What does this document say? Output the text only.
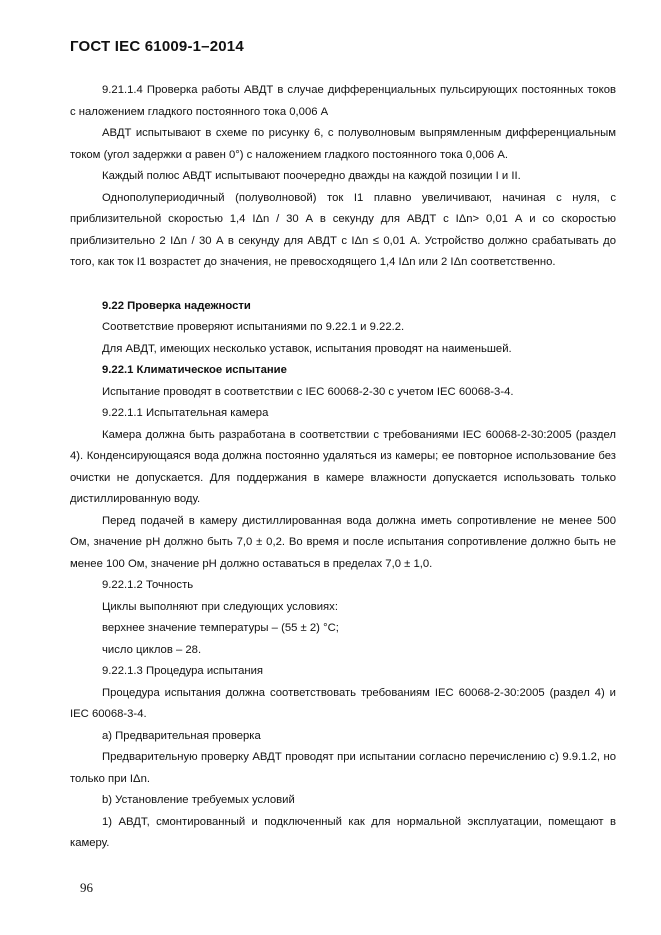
ГОСТ IEC 61009-1–2014

9.21.1.4 Проверка работы АВДТ в случае дифференциальных пульсирующих постоянных токов с наложением гладкого постоянного тока 0,006 А

АВДТ испытывают в схеме по рисунку 6, с полуволновым выпрямленным дифференциальным током (угол задержки α равен 0°) с наложением гладкого постоянного тока 0,006 А.

Каждый полюс АВДТ испытывают поочередно дважды на каждой позиции I и II.

Однополупериодичный (полуволновой) ток I1 плавно увеличивают, начиная с нуля, с приблизительной скоростью 1,4 IΔn / 30 А в секунду для АВДТ с IΔn> 0,01 А и со скоростью приблизительно 2 IΔn / 30 А в секунду для АВДТ с IΔn ≤ 0,01 А. Устройство должно срабатывать до того, как ток I1 возрастет до значения, не превосходящего 1,4 IΔn или 2 IΔn соответственно.

9.22 Проверка надежности

Соответствие проверяют испытаниями по 9.22.1 и 9.22.2.

Для АВДТ, имеющих несколько уставок, испытания проводят на наименьшей.

9.22.1 Климатическое испытание

Испытание проводят в соответствии с IEC 60068-2-30 с учетом IEC 60068-3-4.

9.22.1.1 Испытательная камера

Камера должна быть разработана в соответствии с требованиями IEC 60068-2-30:2005 (раздел 4). Конденсирующаяся вода должна постоянно удаляться из камеры; ее повторное использование без очистки не допускается. Для поддержания в камере влажности допускается использовать только дистиллированную воду.

Перед подачей в камеру дистиллированная вода должна иметь сопротивление не менее 500 Ом, значение pH должно быть 7,0 ± 0,2. Во время и после испытания сопротивление должно быть не менее 100 Ом, значение pH должно оставаться в пределах 7,0 ± 1,0.

9.22.1.2 Точность

Циклы выполняют при следующих условиях:

верхнее значение температуры – (55 ± 2) °C;

число циклов – 28.

9.22.1.3 Процедура испытания

Процедура испытания должна соответствовать требованиям IEC 60068-2-30:2005 (раздел 4) и IEC 60068-3-4.

а) Предварительная проверка

Предварительную проверку АВДТ проводят при испытании согласно перечислению с) 9.9.1.2, но только при IΔn.

b) Установление требуемых условий

1) АВДТ, смонтированный и подключенный как для нормальной эксплуатации, помещают в камеру.

96
